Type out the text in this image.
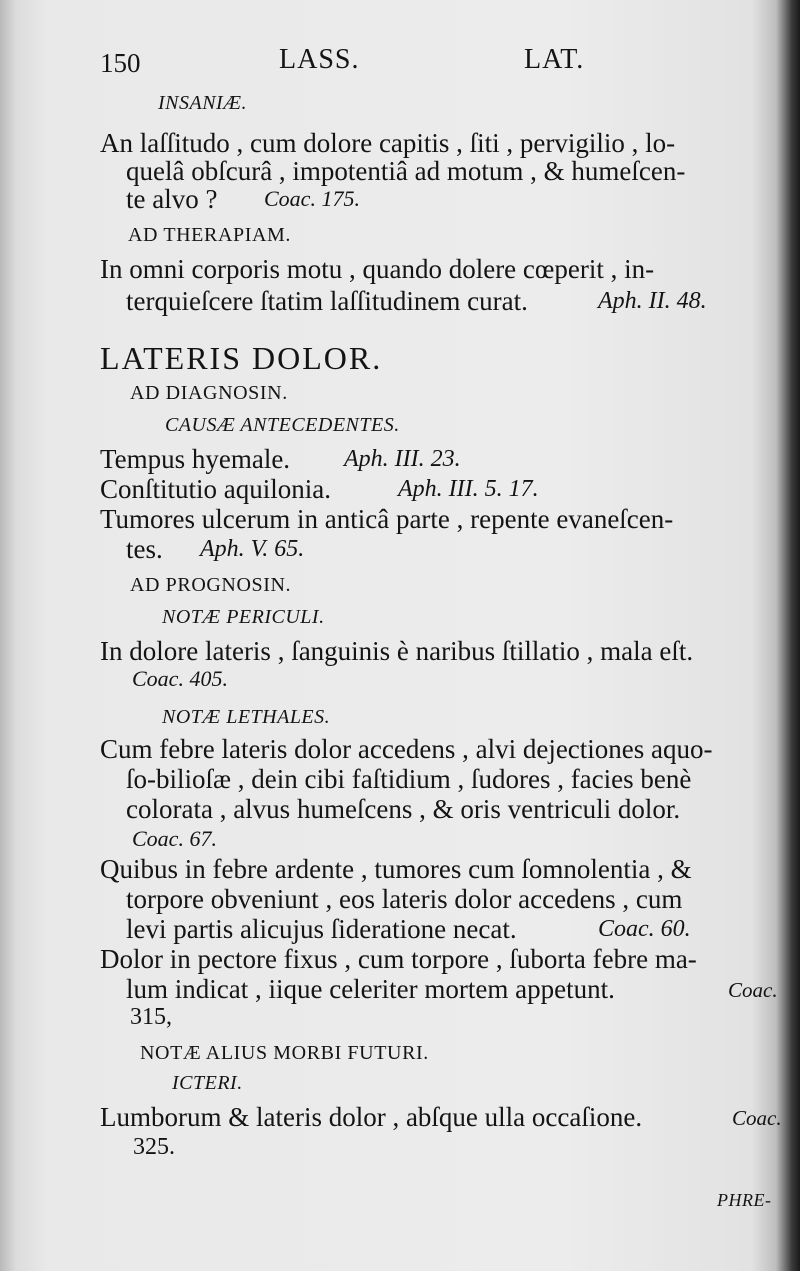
150	LASS.	LAT.
INSANIÆ.
An laſſitudo , cum dolore capitis , ſiti , pervigilio , lo-
quelâ obſcurâ , impotentiâ ad motum , & humeſcen-
te alvo ? Coac. 175.
AD THERAPIAM.
In omni corporis motu , quando dolere cœperit , in-
terquieſcere ſtatim laſſitudinem curat.	Aph. II. 48.
LATERIS DOLOR.
AD DIAGNOSIN.
CAUSÆ ANTECEDENTES.
Tempus hyemale. Aph. III. 23.
Conſtitutio aquilonia.	Aph. III. 5. 17.
Tumores ulcerum in anticâ parte , repente evaneſcen-
tes. Aph. V. 65.
AD PROGNOSIN.
NOTÆ PERICULI.
In dolore lateris , ſanguinis è naribus ſtillatio , mala eſt.
Coac. 405.
NOTÆ LETHALES.
Cum febre lateris dolor accedens , alvi dejectiones aquo-
ſo-bilioſæ , dein cibi faſtidium , ſudores , facies benè
colorata , alvus humeſcens , & oris ventriculi dolor.
Coac. 67.
Quibus in febre ardente , tumores cum ſomnolentia , &
torpore obveniunt , eos lateris dolor accedens , cum
levi partis alicujus ſideratione necat.	Coac. 60.
Dolor in pectore fixus , cum torpore , ſuborta febre ma-
lum indicat , iique celeriter mortem appetunt.	Coac.
315,
NOTÆ ALIUS MORBI FUTURI.
ICTERI.
Lumborum & lateris dolor , abſque ulla occaſione.	Coac.
325.
PHRE-
